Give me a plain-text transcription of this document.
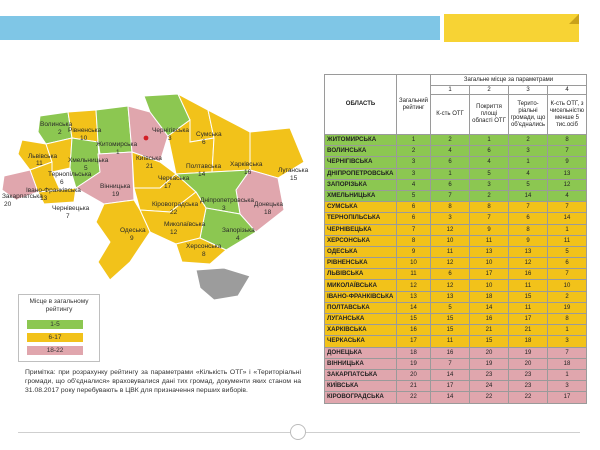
Волинська
2 Рівненська
10
Житомирська
1
Київська
21
Чернігівська
3
Сумська
6
Харківська
16	Луганська
15
Полтавська
14
Черкаська
17
Львівська
11	Хмельницька
5
Тернопільська
6
Івано-Франківська
13
Вінницька
19
Закарпатська
20
Чернівецька
7
Кіровоградська
22
Дніпропетровська
3
Донецька
18
Запорізька
4
Миколаївська
12
Одеська
9
Херсонська
8
Місце в загальному рейтингу
1-5
6-17
18-22
Примітка: при розрахунку рейтингу за параметрами «Кількість ОТГ» і «Територіальні громади, що об'єдналися» враховувалися дані тих громад, документи яких станом на 31.08.2017 року перебувають в ЦВК для призначення перших виборів.
ОБЛАСТЬ	Загальний рейтинг	Загальне місце за параметрами			
		1	2	3	4
		К-сть ОТГ	Покриття площі області ОТГ	Терито-ріальні громади, що об'єднались	К-сть ОТГ, з чисельністю менше 5 тис.осіб
ЖИТОМИРСЬКА	1	2	1	2	8
ВОЛИНСЬКА	2	4	6	3	7
ЧЕРНІГІВСЬКА	3	6	4	1	9
ДНІПРОПЕТРОВСЬКА	3	1	5	4	13
ЗАПОРІЗЬКА	4	6	3	5	12
ХМЕЛЬНИЦЬКА	5	7	2	14	4
СУМСЬКА	6	8	8	7	7
ТЕРНОПІЛЬСЬКА	6	3	7	6	14
ЧЕРНІВЕЦЬКА	7	12	9	8	1
ХЕРСОНСЬКА	8	10	11	9	11
ОДЕСЬКА	9	11	13	13	5
РІВНЕНСЬКА	10	12	10	12	6
ЛЬВІВСЬКА	11	6	17	16	7
МИКОЛАЇВСЬКА	12	12	10	11	10
ІВАНО-ФРАНКІВСЬКА	13	13	18	15	2
ПОЛТАВСЬКА	14	5	14	11	19
ЛУГАНСЬКА	15	15	16	17	8
ХАРКІВСЬКА	16	15	21	21	1
ЧЕРКАСЬКА	17	11	15	18	3
ДОНЕЦЬКА	18	16	20	19	7
ВІННИЦЬКА	19	7	19	20	18
ЗАКАРПАТСЬКА	20	14	23	23	1
КИЇВСЬКА	21	17	24	23	3
КІРОВОГРАДСЬКА	22	14	22	22	17
